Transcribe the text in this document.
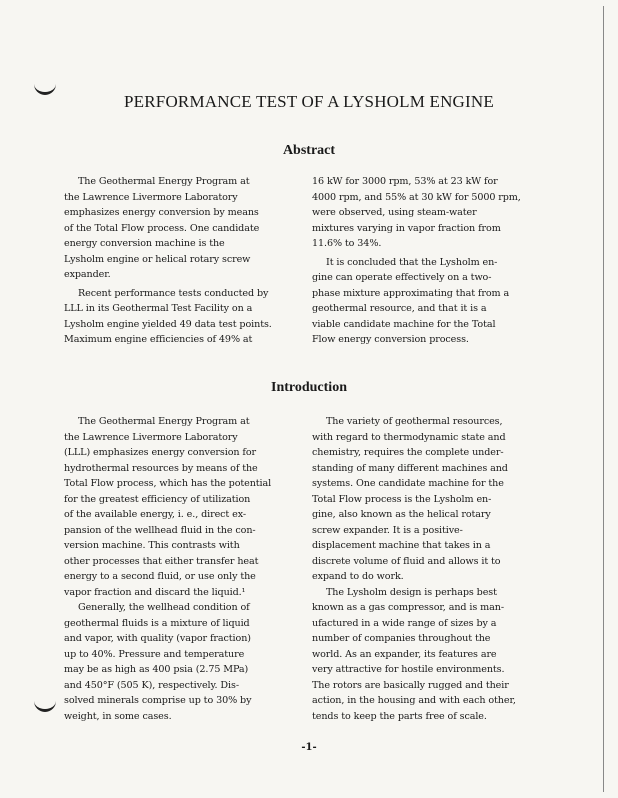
PERFORMANCE TEST OF A LYSHOLM ENGINE
Abstract
The Geothermal Energy Program at
the Lawrence Livermore Laboratory
emphasizes energy conversion by means
of the Total Flow process. One candidate
energy conversion machine is the
Lysholm engine or helical rotary screw
expander.
Recent performance tests conducted by
LLL in its Geothermal Test Facility on a
Lysholm engine yielded 49 data test points.
Maximum engine efficiencies of 49% at
16 kW for 3000 rpm, 53% at 23 kW for
4000 rpm, and 55% at 30 kW for 5000 rpm,
were observed, using steam-water
mixtures varying in vapor fraction from
11.6% to 34%.
It is concluded that the Lysholm en-
gine can operate effectively on a two-
phase mixture approximating that from a
geothermal resource, and that it is a
viable candidate machine for the Total
Flow energy conversion process.
Introduction
The Geothermal Energy Program at
the Lawrence Livermore Laboratory
(LLL) emphasizes energy conversion for
hydrothermal resources by means of the
Total Flow process, which has the potential
for the greatest efficiency of utilization
of the available energy, i. e., direct ex-
pansion of the wellhead fluid in the con-
version machine. This contrasts with
other processes that either transfer heat
energy to a second fluid, or use only the
vapor fraction and discard the liquid.¹
Generally, the wellhead condition of
geothermal fluids is a mixture of liquid
and vapor, with quality (vapor fraction)
up to 40%. Pressure and temperature
may be as high as 400 psia (2.75 MPa)
and 450°F (505 K), respectively. Dis-
solved minerals comprise up to 30% by
weight, in some cases.
The variety of geothermal resources,
with regard to thermodynamic state and
chemistry, requires the complete under-
standing of many different machines and
systems. One candidate machine for the
Total Flow process is the Lysholm en-
gine, also known as the helical rotary
screw expander. It is a positive-
displacement machine that takes in a
discrete volume of fluid and allows it to
expand to do work.
The Lysholm design is perhaps best
known as a gas compressor, and is man-
ufactured in a wide range of sizes by a
number of companies throughout the
world. As an expander, its features are
very attractive for hostile environments.
The rotors are basically rugged and their
action, in the housing and with each other,
tends to keep the parts free of scale.
-1-
